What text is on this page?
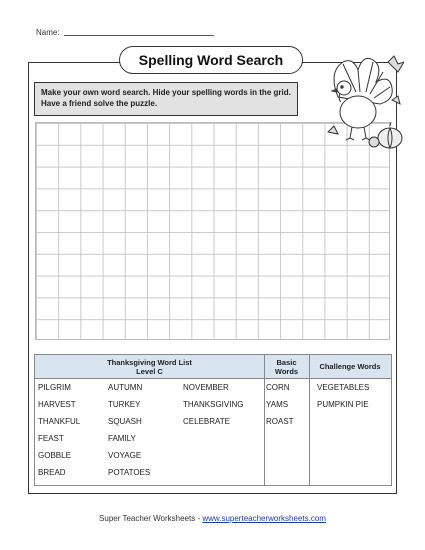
Name:
Spelling Word Search
Make your own word search. Hide your spelling words in the grid. Have a friend solve the puzzle.
Thanksgiving Word List
Level C
Basic
Words	Challenge Words
PILGRIM
HARVEST
THANKFUL
FEAST
GOBBLE
BREAD
AUTUMN
TURKEY
SQUASH
FAMILY
VOYAGE
POTATOES
NOVEMBER
THANKSGIVING
CELEBRATE
CORN
YAMS
ROAST
VEGETABLES
PUMPKIN PIE
Super Teacher Worksheets - www.superteacherworksheets.com
